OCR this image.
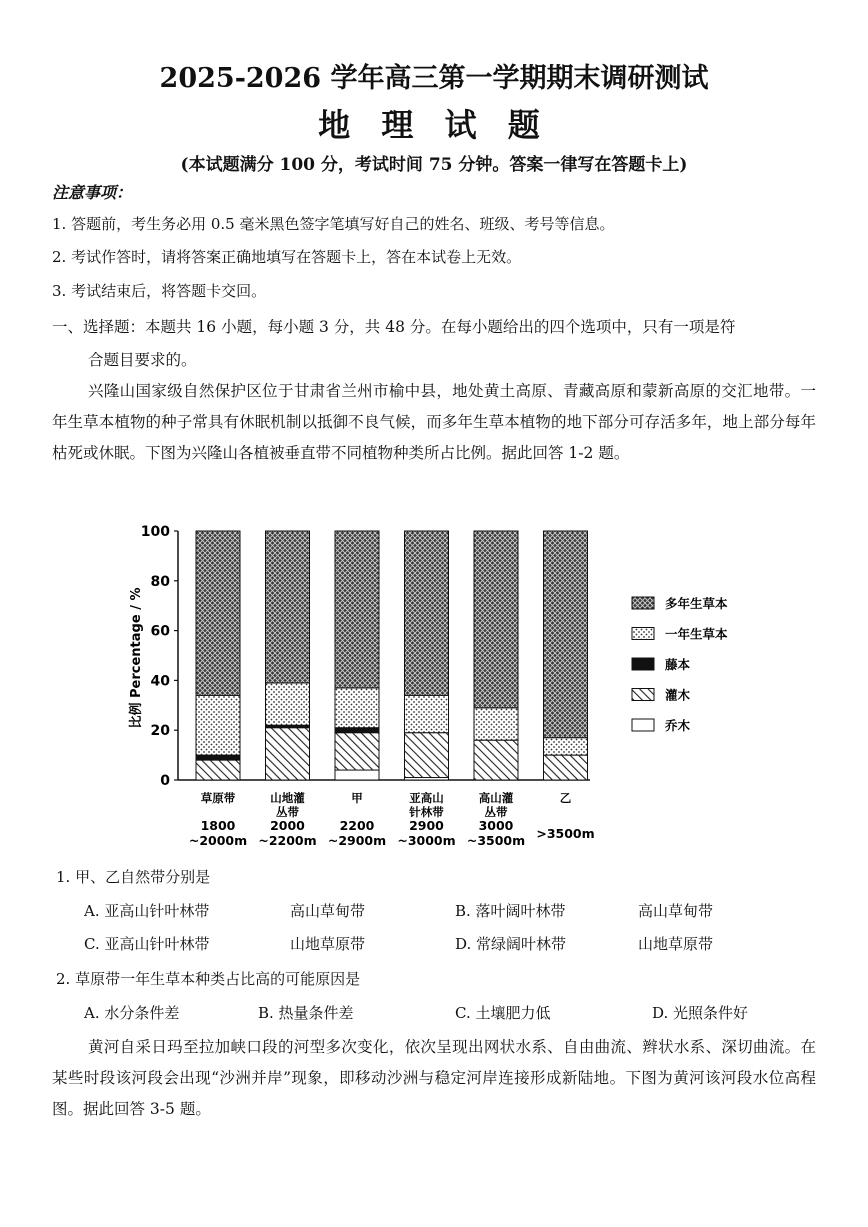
2025-2026 学年高三第一学期期末调研测试
地 理 试 题
(本试题满分 100 分，考试时间 75 分钟。答案一律写在答题卡上)
注意事项：
1. 答题前，考生务必用 0.5 毫米黑色签字笔填写好自己的姓名、班级、考号等信息。
2. 考试作答时，请将答案正确地填写在答题卡上，答在本试卷上无效。
3. 考试结束后，将答题卡交回。
一、选择题：本题共 16 小题，每小题 3 分，共 48 分。在每小题给出的四个选项中，只有一项是符
合题目要求的。
兴隆山国家级自然保护区位于甘肃省兰州市榆中县，地处黄土高原、青藏高原和蒙新高原的交汇地带。一年生草本植物的种子常具有休眠机制以抵御不良气候，而多年生草本植物的地下部分可存活多年，地上部分每年枯死或休眠。下图为兴隆山各植被垂直带不同植物种类所占比例。据此回答 1-2 题。
0
20
40
60
80
100
草原带
1800
~2000m
山地灌
丛带
2000
~2200m
甲
2200
~2900m
亚高山
针林带
2900
~3000m
高山灌
丛带
3000
~3500m
乙
>3500m
多年生草本
一年生草本
藤本
灌木
乔木
比例 Percentage / %
1. 甲、乙自然带分别是
A. 亚高山针叶林带	高山草甸带	B. 落叶阔叶林带	高山草甸带
C. 亚高山针叶林带	山地草原带	D. 常绿阔叶林带	山地草原带
2. 草原带一年生草本种类占比高的可能原因是
A. 水分条件差	B. 热量条件差	C. 土壤肥力低	D. 光照条件好
黄河自采日玛至拉加峡口段的河型多次变化，依次呈现出网状水系、自由曲流、辫状水系、深切曲流。在某些时段该河段会出现“沙洲并岸”现象，即移动沙洲与稳定河岸连接形成新陆地。下图为黄河该河段水位高程图。据此回答 3-5 题。
